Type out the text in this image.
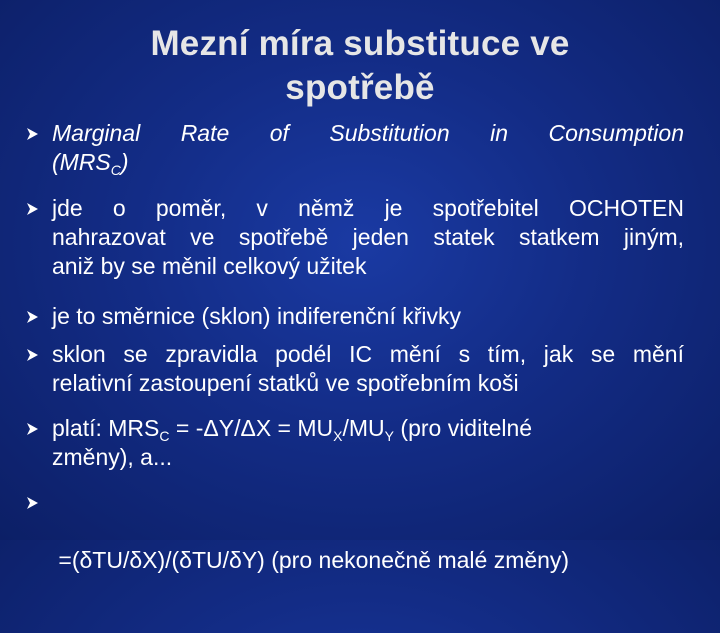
Mezní míra substituce ve
spotřebě
Marginal Rate of Substitution in Consumption
$(MRS_C)$
jde o poměr, v němž je spotřebitel OCHOTEN
nahrazovat ve spotřebě jeden statek statkem jiným,
aniž by se měnil celkový užitek
je to směrnice (sklon) indiferenční křivky
sklon se zpravidla podél IC mění s tím, jak se mění
relativní zastoupení statků ve spotřebním koši
platí: $MRS_C = -\Delta Y/\Delta X = MU_X/MU_Y$ (pro viditelné
změny), a...

=(δTU/δX)/(δTU/δY) (pro nekonečně malé změny)
